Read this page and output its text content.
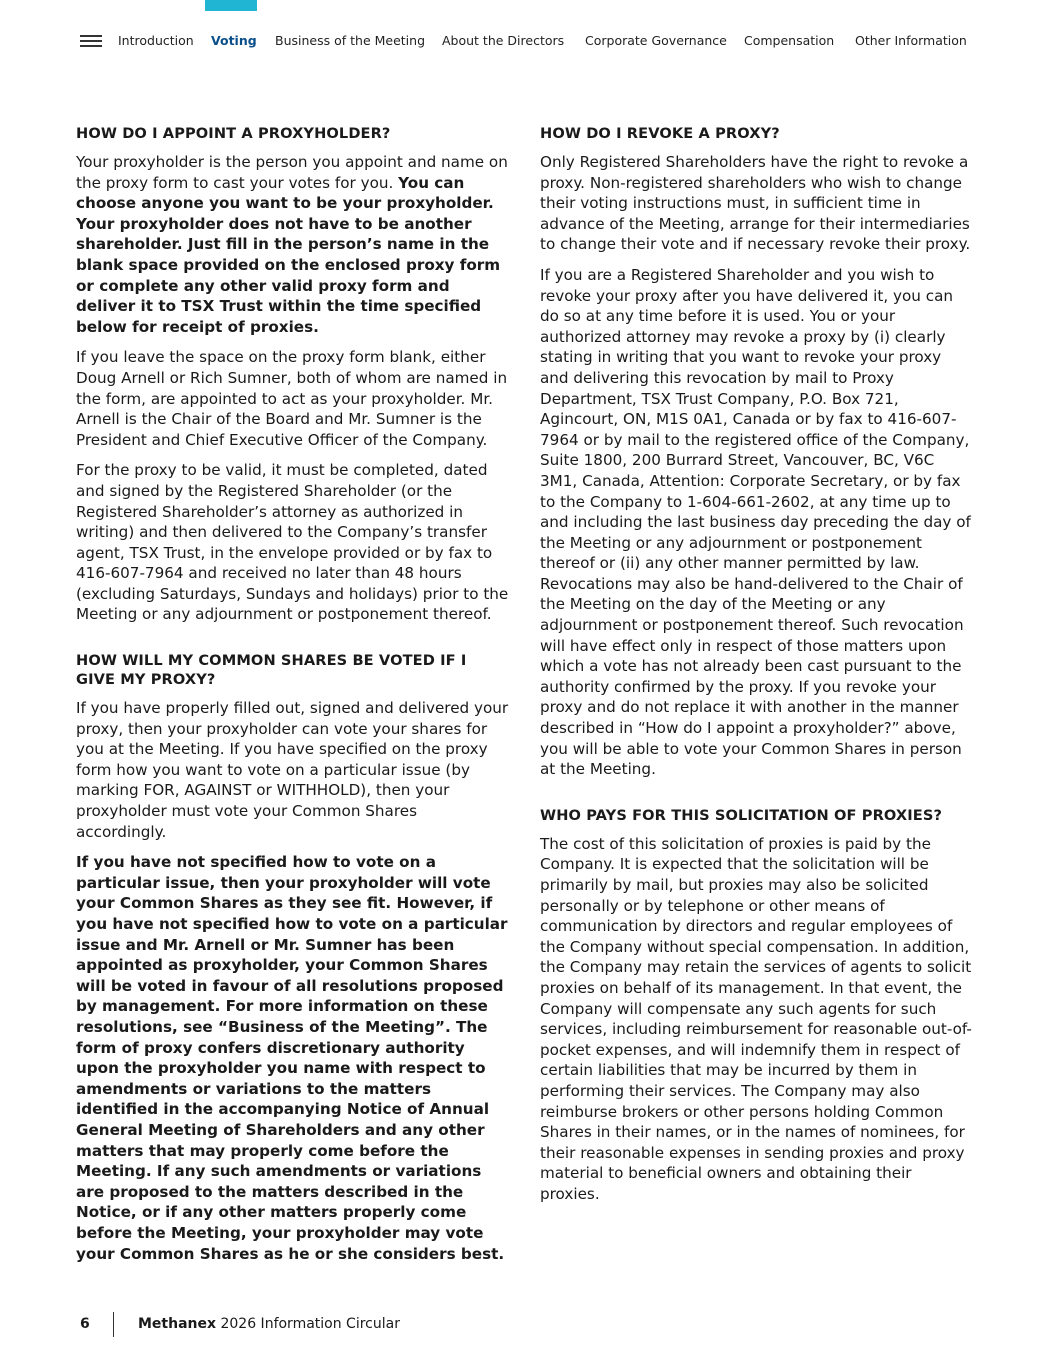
Introduction Voting Business of the Meeting About the Directors Corporate Governance Compensation Other Information
HOW DO I APPOINT A PROXYHOLDER?

Your proxyholder is the person you appoint and name on the proxy form to cast your votes for you. You can choose anyone you want to be your proxyholder. Your proxyholder does not have to be another shareholder. Just fill in the person’s name in the blank space provided on the enclosed proxy form or complete any other valid proxy form and deliver it to TSX Trust within the time specified below for receipt of proxies.

If you leave the space on the proxy form blank, either Doug Arnell or Rich Sumner, both of whom are named in the form, are appointed to act as your proxyholder. Mr. Arnell is the Chair of the Board and Mr. Sumner is the President and Chief Executive Officer of the Company.

For the proxy to be valid, it must be completed, dated and signed by the Registered Shareholder (or the Registered Shareholder’s attorney as authorized in writing) and then delivered to the Company’s transfer agent, TSX Trust, in the envelope provided or by fax to 416-607-7964 and received no later than 48 hours (excluding Saturdays, Sundays and holidays) prior to the Meeting or any adjournment or postponement thereof.

HOW WILL MY COMMON SHARES BE VOTED IF I GIVE MY PROXY?

If you have properly filled out, signed and delivered your proxy, then your proxyholder can vote your shares for you at the Meeting. If you have specified on the proxy form how you want to vote on a particular issue (by marking FOR, AGAINST or WITHHOLD), then your proxyholder must vote your Common Shares accordingly.

If you have not specified how to vote on a particular issue, then your proxyholder will vote your Common Shares as they see fit. However, if you have not specified how to vote on a particular issue and Mr. Arnell or Mr. Sumner has been appointed as proxyholder, your Common Shares will be voted in favour of all resolutions proposed by management. For more information on these resolutions, see “Business of the Meeting”. The form of proxy confers discretionary authority upon the proxyholder you name with respect to amendments or variations to the matters identified in the accompanying Notice of Annual General Meeting of Shareholders and any other matters that may properly come before the Meeting. If any such amendments or variations are proposed to the matters described in the Notice, or if any other matters properly come before the Meeting, your proxyholder may vote your Common Shares as he or she considers best.

HOW DO I REVOKE A PROXY?

Only Registered Shareholders have the right to revoke a proxy. Non-registered shareholders who wish to change their voting instructions must, in sufficient time in advance of the Meeting, arrange for their intermediaries to change their vote and if necessary revoke their proxy.

If you are a Registered Shareholder and you wish to revoke your proxy after you have delivered it, you can do so at any time before it is used. You or your authorized attorney may revoke a proxy by (i) clearly stating in writing that you want to revoke your proxy and delivering this revocation by mail to Proxy Department, TSX Trust Company, P.O. Box 721, Agincourt, ON, M1S 0A1, Canada or by fax to 416-607-7964 or by mail to the registered office of the Company, Suite 1800, 200 Burrard Street, Vancouver, BC, V6C 3M1, Canada, Attention: Corporate Secretary, or by fax to the Company to 1-604-661-2602, at any time up to and including the last business day preceding the day of the Meeting or any adjournment or postponement thereof or (ii) any other manner permitted by law. Revocations may also be hand-delivered to the Chair of the Meeting on the day of the Meeting or any adjournment or postponement thereof. Such revocation will have effect only in respect of those matters upon which a vote has not already been cast pursuant to the authority confirmed by the proxy. If you revoke your proxy and do not replace it with another in the manner described in “How do I appoint a proxyholder?” above, you will be able to vote your Common Shares in person at the Meeting.

WHO PAYS FOR THIS SOLICITATION OF PROXIES?

The cost of this solicitation of proxies is paid by the Company. It is expected that the solicitation will be primarily by mail, but proxies may also be solicited personally or by telephone or other means of communication by directors and regular employees of the Company without special compensation. In addition, the Company may retain the services of agents to solicit proxies on behalf of its management. In that event, the Company will compensate any such agents for such services, including reimbursement for reasonable out-of-pocket expenses, and will indemnify them in respect of certain liabilities that may be incurred by them in performing their services. The Company may also reimburse brokers or other persons holding Common Shares in their names, or in the names of nominees, for their reasonable expenses in sending proxies and proxy material to beneficial owners and obtaining their proxies.

6	Methanex 2026 Information Circular
